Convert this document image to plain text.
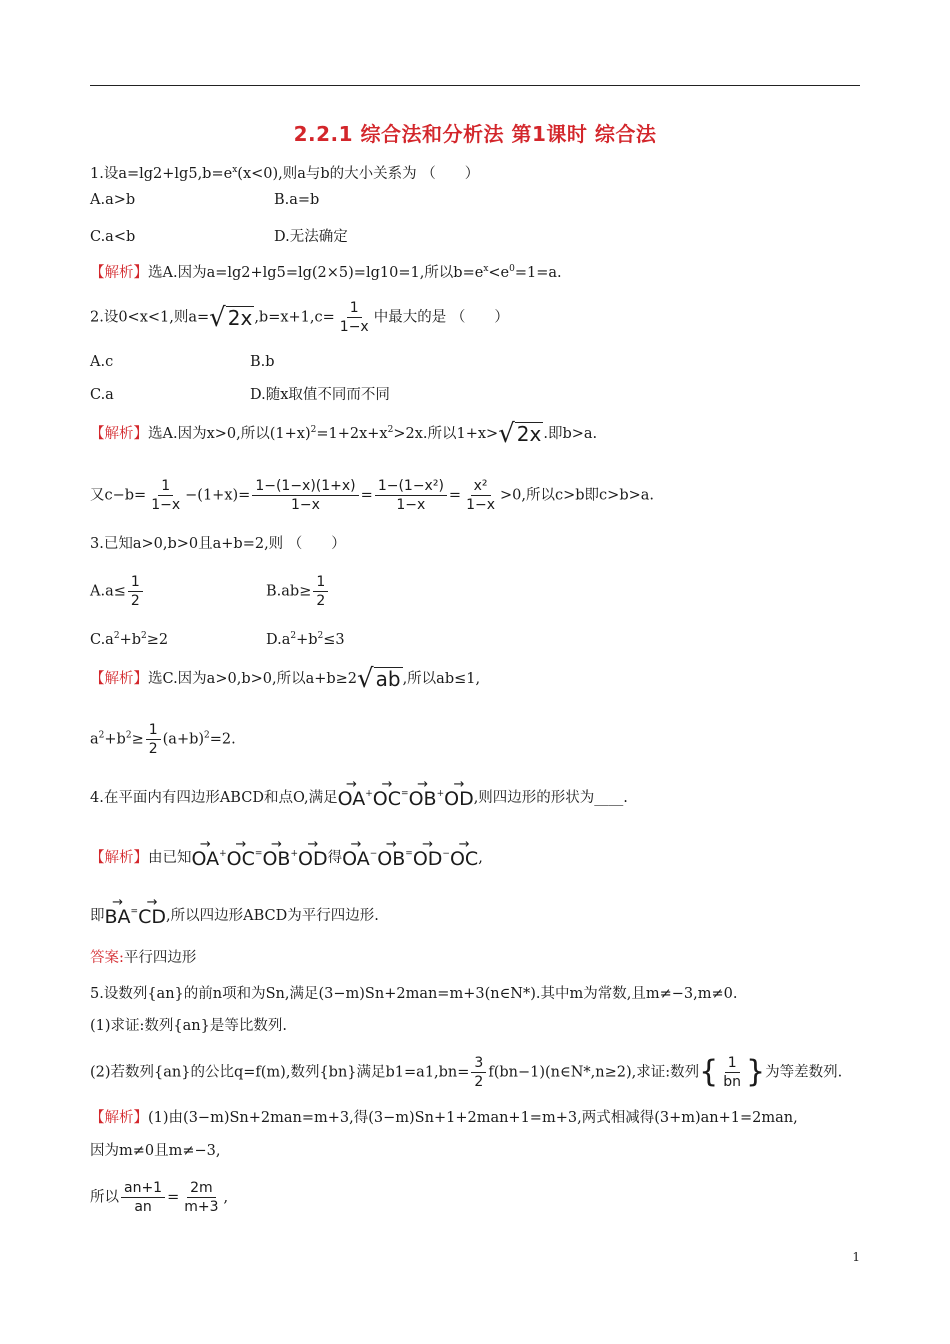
2.2.1 综合法和分析法 第1课时 综合法
1.设$a=\lg 2+\lg 5,b=e^x(x<0)$,则a与b的大小关系为 （　　）
A.a>b	B.a=b
C.a<b	D.无法确定
【解析】选A.因为a=lg2+lg5=lg(2×5)=lg10=1,所以$b=e^x<e^0=1=a$.
2.设0<x<1,则a= √ 2x $,b=x+1,c= \frac{1}{1-x}$ 中最大的是 （　　）
A.c	B.b
C.a	D.随x取值不同而不同
【解析】选A.因为x>0,所以$(1+x)^2=1+2x+x^2>2x$.所以1+x> √ 2x .即b>a.
又$c-b= \frac{1}{1-x} -(1+x)= \frac{1-(1-x)(1+x)}{1-x} = \frac{\text{1−(1−x²)}}{1-x} = \frac{\text{x²}}{1-x} >0$,所以c>b即c>b>a.
3.已知a>0,b>0且a+b=2,则 （　　）
$A.a\le \frac{1}{2}$	$B.ab\ge \frac{1}{2}$
$C.a^2+b^2\ge 2$	$D.a^2+b^2\le 3$
【解析】选C.因为a>0,b>0,所以a+b≥2 √ ab ,所以ab≤1,
$a^2+b^2\ge \frac{1}{2} (a+b)^2=2$.
4.在平面内有四边形ABCD和点O,满足
→
OA +
→
OC =
→
OB +
→
OD ,则四边形的形状为____.
【解析】由已知
→
OA +
→
OC =
→
OB +
→
OD 得
→
OA −
→
OB =
→
OD −
→
OC ,
即
→
BA =
→
CD ,所以四边形ABCD为平行四边形.
答案:平行四边形
5.设数列{an}的前n项和为Sn,满足(3−m)Sn+2man=m+3(n∈N*).其中m为常数,且m≠−3,m≠0.
(1)求证:数列{an}是等比数列.
(2)若数列{an}的公比q=f(m),数列{bn}满足$b1=a1,bn= \frac{3}{2}$ f(bn−1)(n∈N*,n≥2),求证:数列{ $\frac{1}{bn}$ }为等差数列.
【解析】(1)由(3−m)Sn+2man=m+3,得(3−m)Sn+1+2man+1=m+3,两式相减得(3+m)an+1=2man,
因为m≠0且m≠−3,
所以 $\frac{an+1}{an} = \frac{2m}{m+3}$ ,
1
